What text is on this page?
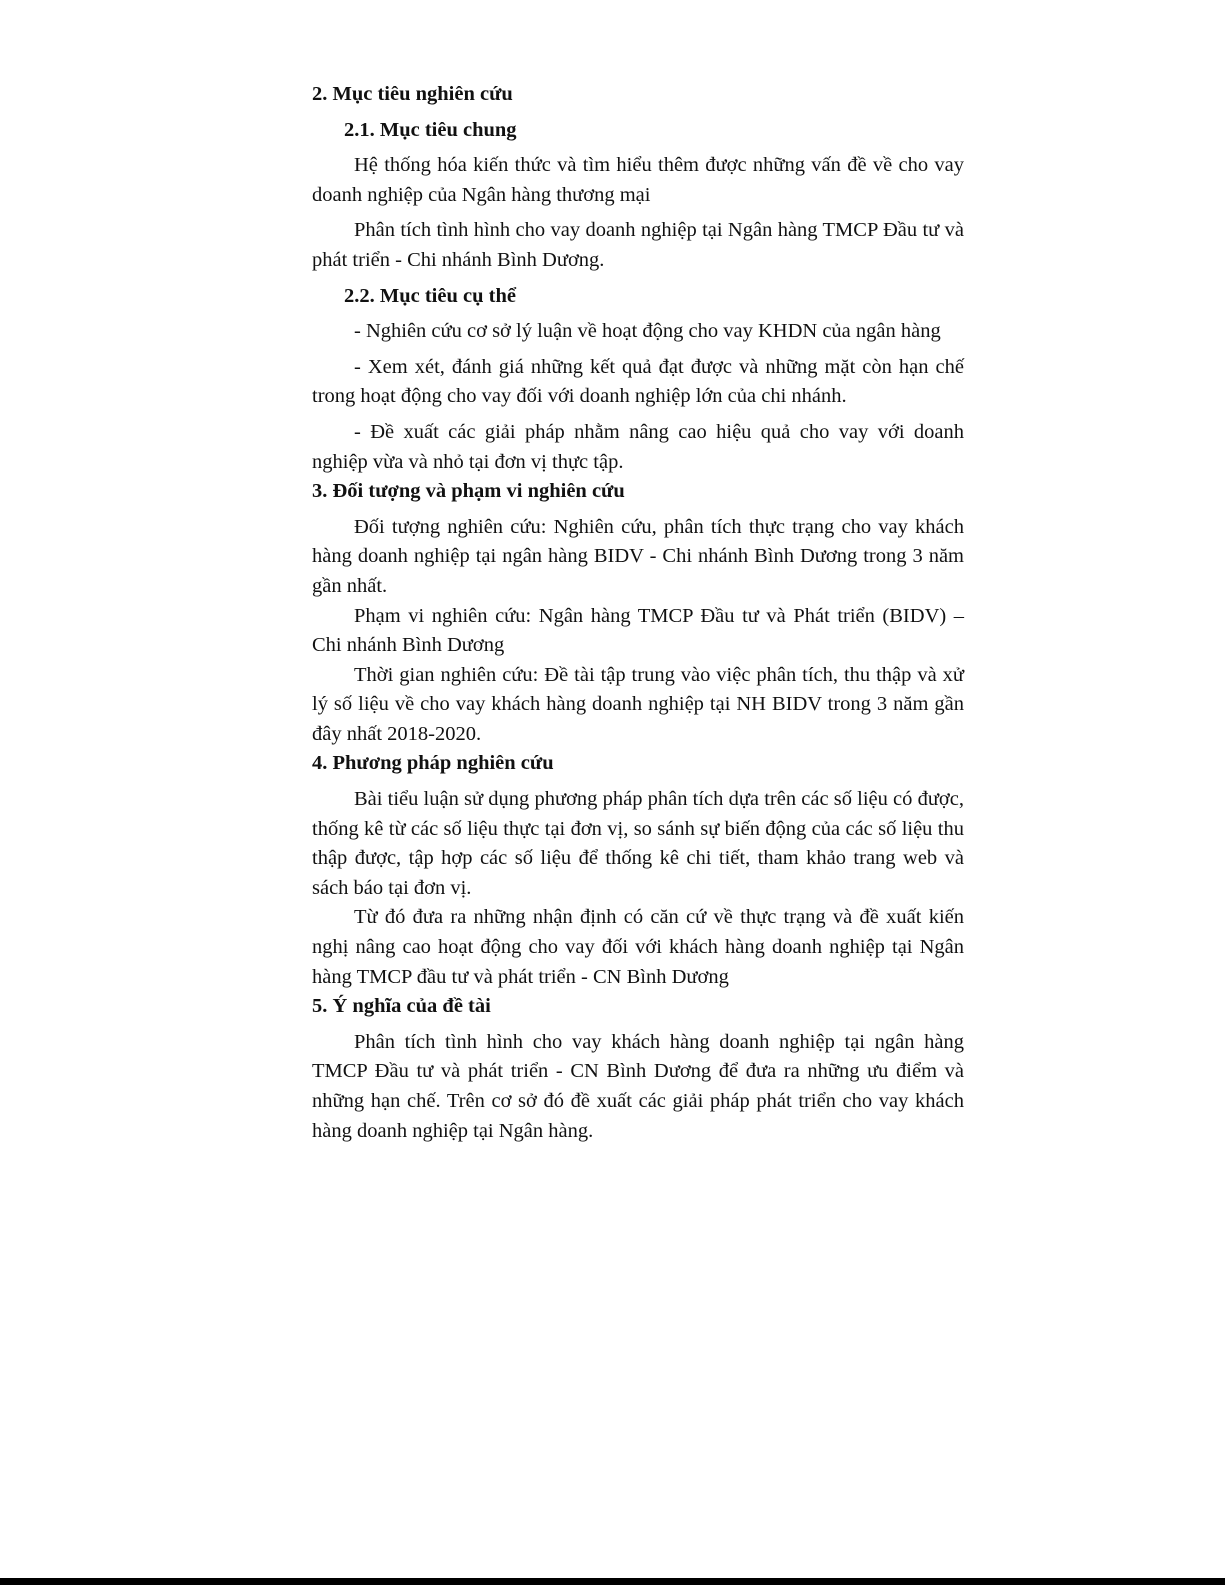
2. Mục tiêu nghiên cứu
2.1. Mục tiêu chung

Hệ thống hóa kiến thức và tìm hiểu thêm được những vấn đề về cho vay doanh nghiệp của Ngân hàng thương mại

Phân tích tình hình cho vay doanh nghiệp tại Ngân hàng TMCP Đầu tư và phát triển - Chi nhánh Bình Dương.

2.2. Mục tiêu cụ thể

- Nghiên cứu cơ sở lý luận về hoạt động cho vay KHDN của ngân hàng

- Xem xét, đánh giá những kết quả đạt được và những mặt còn hạn chế trong hoạt động cho vay đối với doanh nghiệp lớn của chi nhánh.

- Đề xuất các giải pháp nhằm nâng cao hiệu quả cho vay với doanh nghiệp vừa và nhỏ tại đơn vị thực tập.

3. Đối tượng và phạm vi nghiên cứu

Đối tượng nghiên cứu: Nghiên cứu, phân tích thực trạng cho vay khách hàng doanh nghiệp tại ngân hàng BIDV - Chi nhánh Bình Dương trong 3 năm gần nhất.

Phạm vi nghiên cứu: Ngân hàng TMCP Đầu tư và Phát triển (BIDV) – Chi nhánh Bình Dương

Thời gian nghiên cứu: Đề tài tập trung vào việc phân tích, thu thập và xử lý số liệu về cho vay khách hàng doanh nghiệp tại NH BIDV trong 3 năm gần đây nhất 2018-2020.

4. Phương pháp nghiên cứu

Bài tiểu luận sử dụng phương pháp phân tích dựa trên các số liệu có được, thống kê từ các số liệu thực tại đơn vị, so sánh sự biến động của các số liệu thu thập được, tập hợp các số liệu để thống kê chi tiết, tham khảo trang web và sách báo tại đơn vị.

Từ đó đưa ra những nhận định có căn cứ về thực trạng và đề xuất kiến nghị nâng cao hoạt động cho vay đối với khách hàng doanh nghiệp tại Ngân hàng TMCP đầu tư và phát triển - CN Bình Dương

5. Ý nghĩa của đề tài

Phân tích tình hình cho vay khách hàng doanh nghiệp tại ngân hàng TMCP Đầu tư và phát triển - CN Bình Dương để đưa ra những ưu điểm và những hạn chế. Trên cơ sở đó đề xuất các giải pháp phát triển cho vay khách hàng doanh nghiệp tại Ngân hàng.
